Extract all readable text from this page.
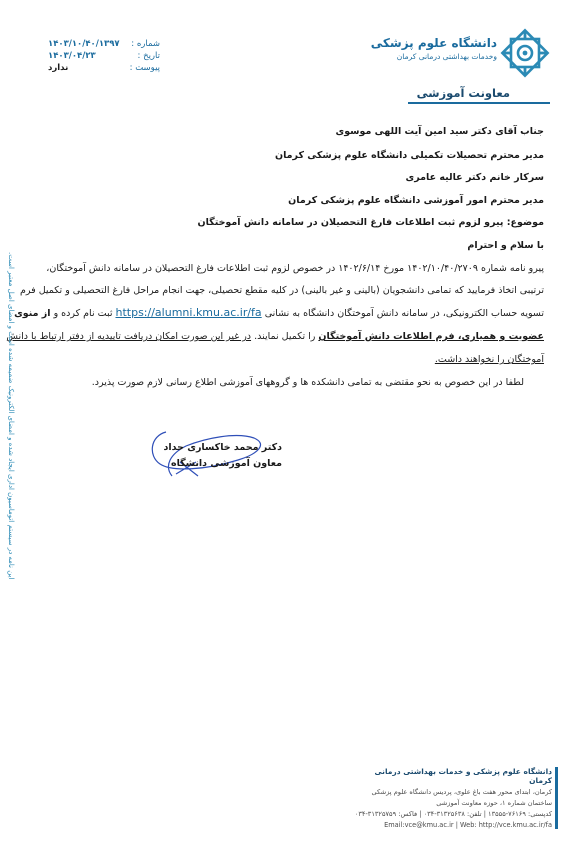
دانشگاه علوم پزشکی
وخدمات بهداشتی درمانی کرمان
معاونت آموزشی
۱۴۰۳/۱۰/۴۰/۱۳۹۷ شماره :
۱۴۰۳/۰۴/۲۳	تاریخ :
ندارد	پیوست :
جناب آقای دکتر سید امین آیت اللهی موسوی
مدیر محترم تحصیلات تکمیلی دانشگاه علوم پزشکی کرمان
سرکار خانم دکتر عالیه عامری
مدیر محترم امور آموزشی دانشگاه علوم پزشکی کرمان
موضوع: پیرو لزوم ثبت اطلاعات فارغ التحصیلان در سامانه دانش آموختگان
با سلام و احترام
پیرو نامه شماره ۱۴۰۲/۱۰/۴۰/۲۷۰۹ مورخ ۱۴۰۲/۶/۱۴ در خصوص لزوم ثبت اطلاعات فارغ التحصیلان در سامانه دانش آموختگان،
ترتیبی اتخاذ فرمایید که تمامی دانشجویان (بالینی و غیر بالینی) در کلیه مقطع تحصیلی، جهت انجام مراحل فارغ التحصیلی و تکمیل فرم
تسویه حساب الکترونیکی، در سامانه دانش آموختگان دانشگاه به نشانی https://alumni.kmu.ac.ir/fa ثبت نام کرده و از منوی
عضویت و همیاری، فرم اطلاعات دانش آموختگان را تکمیل نمایند. در غیر این صورت امکان دریافت تاییدیه از دفتر ارتباط با دانش
آموختگان را نخواهند داشت.
لطفا در این خصوص به نحو مقتضی به تمامی دانشکده ها و گروههای آموزشی اطلاع رسانی لازم صورت پذیرد.
دکتر محمد خاکساری حداد
معاون آموزشی دانشگاه
دانشگاه علوم پزشکی و خدمات بهداشتی درمانی کرمان
کرمان، ابتدای محور هفت باغ علوی، پردیس دانشگاه علوم پزشکی
ساختمان شماره ۱، حوزه معاونت آموزشی
کدپستی: ۷۶۱۶۹-۱۳۵۵۵ | تلفن: ۳۱۳۲۵۶۳۸-۰۳۴ | فاکس: ۳۱۳۲۵۷۵۹-۰۳۴
Email:vce@kmu.ac.ir | Web: http://vce.kmu.ac.ir/fa
این نامه در سیستم اتوماسیون اداری ایجاد شده و امضای الکترونیک ضمیمه شده است و امضای اصل معتبر است.
